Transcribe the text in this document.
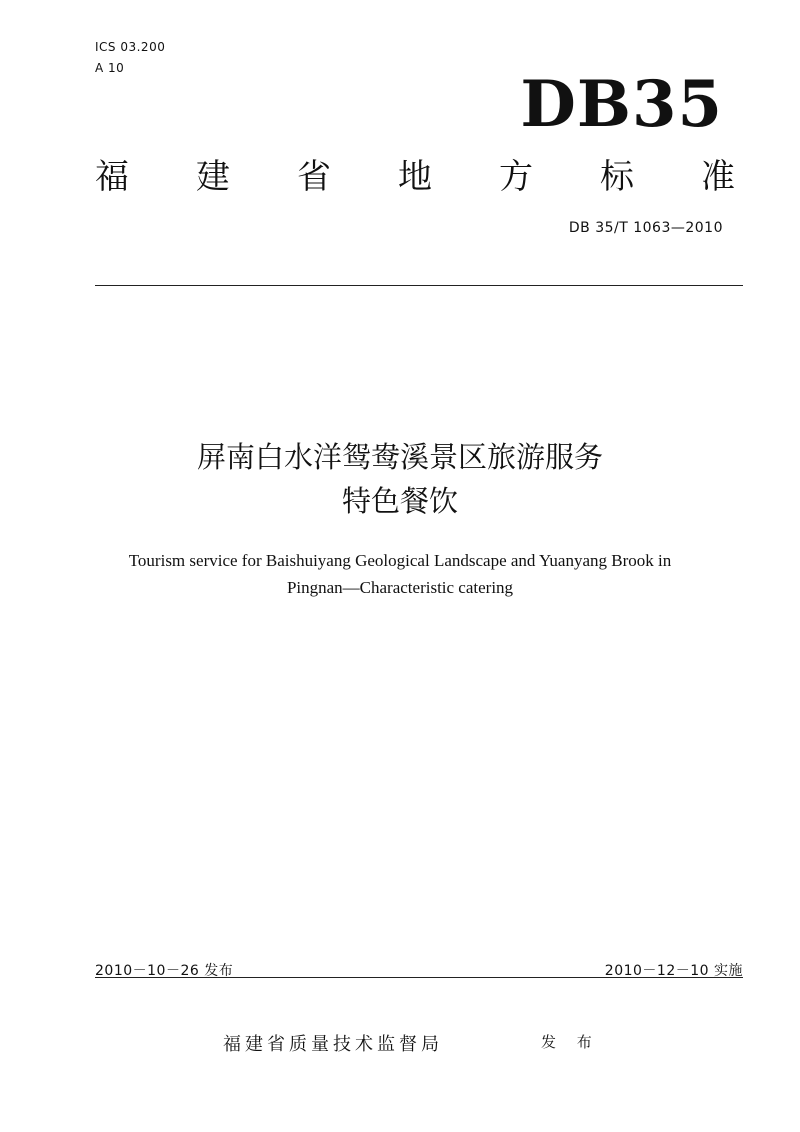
ICS 03.200
A 10	DB35
福 建 省 地 方 标 准
DB 35/T 1063—2010
屏南白水洋鸳鸯溪景区旅游服务
特色餐饮
Tourism service for Baishuiyang Geological Landscape and Yuanyang Brook in
Pingnan—Characteristic catering
2010－10－26 发布	2010－12－10 实施
福建省质量技术监督局	发 布
